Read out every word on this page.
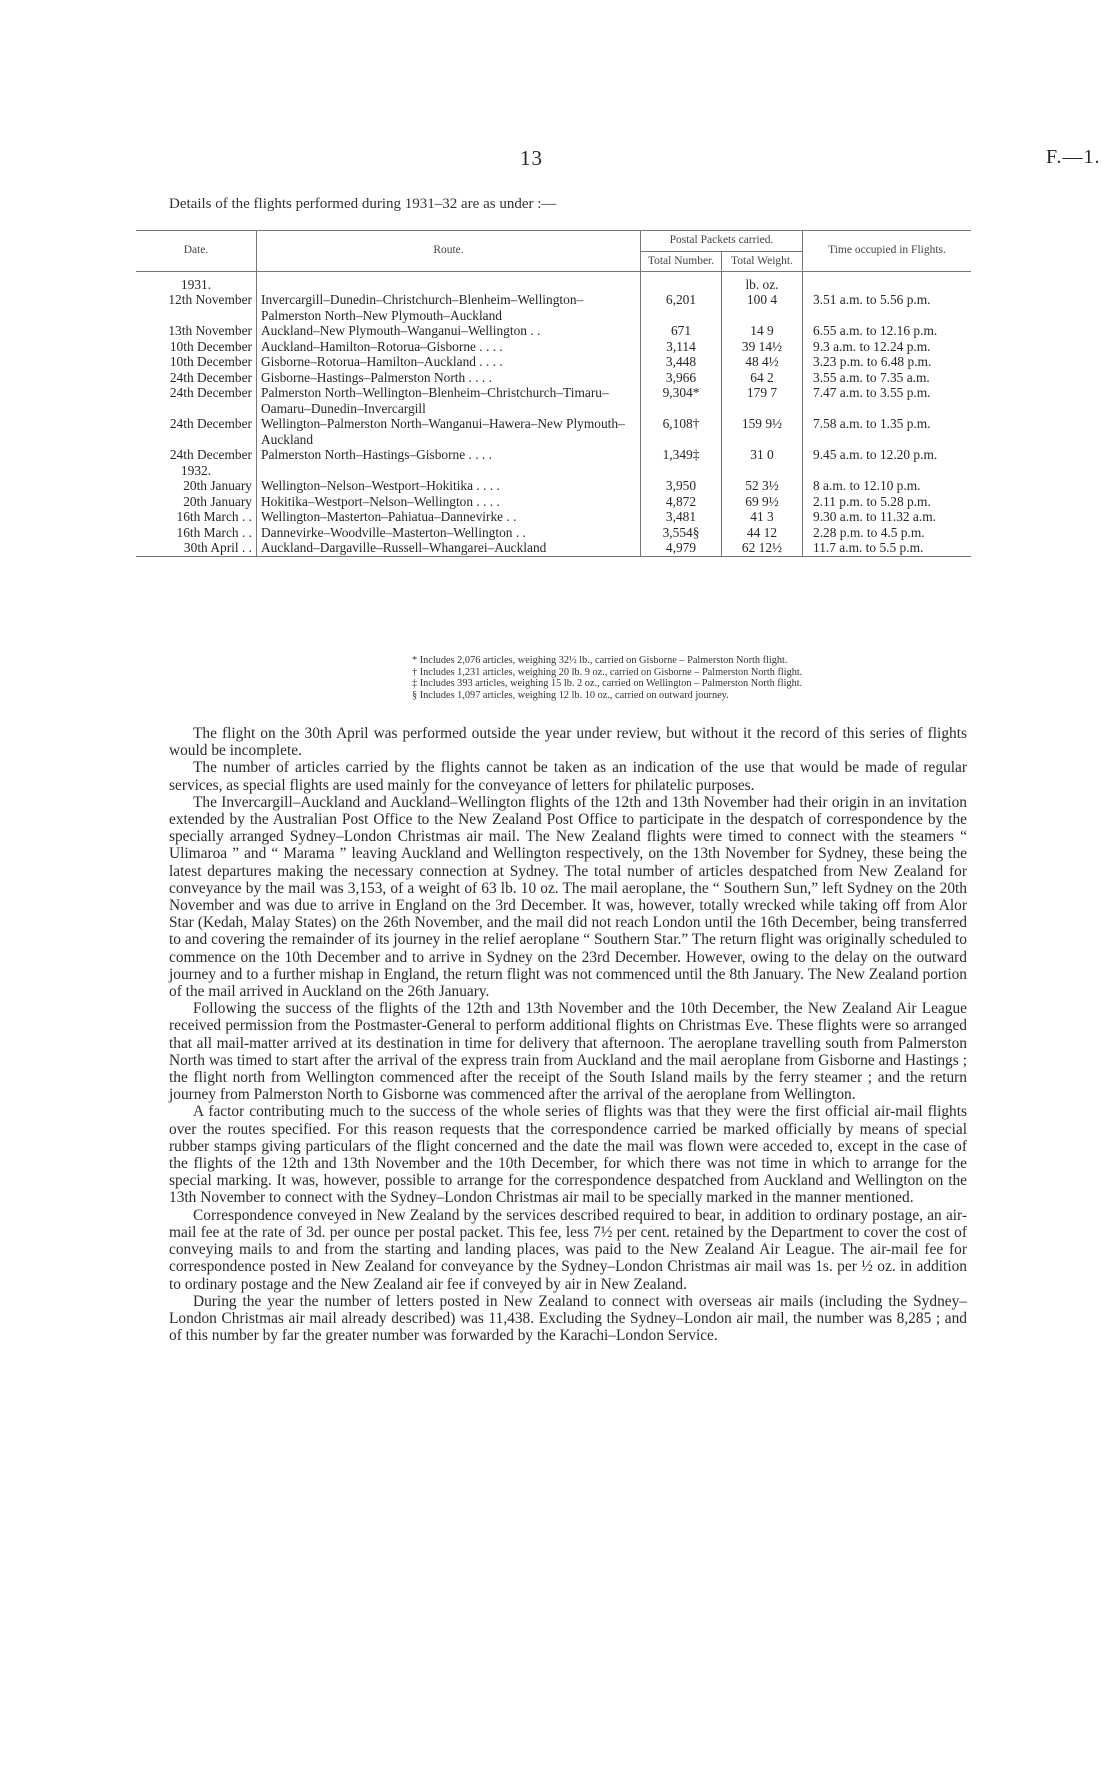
13	F.—1.
Details of the flights performed during 1931–32 are as under :—
Date.	Route.	Postal Packets carried.		Time occupied in Flights.
		Total Number.	Total Weight.	
1931.			lb. oz.	
12th November	Invercargill–Dunedin–Christchurch–Blenheim–Wellington–Palmerston North–New Plymouth–Auckland	6,201	100 4	3.51 a.m. to 5.56 p.m.
13th November	Auckland–New Plymouth–Wanganui–Wellington . .	671	14 9	6.55 a.m. to 12.16 p.m.
10th December	Auckland–Hamilton–Rotorua–Gisborne . . . .	3,114	39 14½	9.3 a.m. to 12.24 p.m.
10th December	Gisborne–Rotorua–Hamilton–Auckland . . . .	3,448	48 4½	3.23 p.m. to 6.48 p.m.
24th December	Gisborne–Hastings–Palmerston North . . . .	3,966	64 2	3.55 a.m. to 7.35 a.m.
24th December	Palmerston North–Wellington–Blenheim–Christchurch–Timaru–Oamaru–Dunedin–Invercargill	9,304*	179 7	7.47 a.m. to 3.55 p.m.
24th December	Wellington–Palmerston North–Wanganui–Hawera–New Plymouth–Auckland	6,108†	159 9½	7.58 a.m. to 1.35 p.m.
24th December	Palmerston North–Hastings–Gisborne . . . .	1,349‡	31 0	9.45 a.m. to 12.20 p.m.
1932.				
20th January	Wellington–Nelson–Westport–Hokitika . . . .	3,950	52 3½	8 a.m. to 12.10 p.m.
20th January	Hokitika–Westport–Nelson–Wellington . . . .	4,872	69 9½	2.11 p.m. to 5.28 p.m.
16th March . .	Wellington–Masterton–Pahiatua–Dannevirke . .	3,481	41 3	9.30 a.m. to 11.32 a.m.
16th March . .	Dannevirke–Woodville–Masterton–Wellington . .	3,554§	44 12	2.28 p.m. to 4.5 p.m.
30th April . .	Auckland–Dargaville–Russell–Whangarei–Auckland	4,979	62 12½	11.7 a.m. to 5.5 p.m.
* Includes 2,076 articles, weighing 32½ lb., carried on Gisborne – Palmerston North flight.
† Includes 1,231 articles, weighing 20 lb. 9 oz., carried on Gisborne – Palmerston North flight.
‡ Includes 393 articles, weighing 15 lb. 2 oz., carried on Wellington – Palmerston North flight.
§ Includes 1,097 articles, weighing 12 lb. 10 oz., carried on outward journey.

The flight on the 30th April was performed outside the year under review, but without it the record of this series of flights would be incomplete.

The number of articles carried by the flights cannot be taken as an indication of the use that would be made of regular services, as special flights are used mainly for the conveyance of letters for philatelic purposes.

The Invercargill–Auckland and Auckland–Wellington flights of the 12th and 13th November had their origin in an invitation extended by the Australian Post Office to the New Zealand Post Office to participate in the despatch of correspondence by the specially arranged Sydney–London Christmas air mail. The New Zealand flights were timed to connect with the steamers “ Ulimaroa ” and “ Marama ” leaving Auckland and Wellington respectively, on the 13th November for Sydney, these being the latest departures making the necessary connection at Sydney. The total number of articles despatched from New Zealand for conveyance by the mail was 3,153, of a weight of 63 lb. 10 oz. The mail aeroplane, the “ Southern Sun,” left Sydney on the 20th November and was due to arrive in England on the 3rd December. It was, however, totally wrecked while taking off from Alor Star (Kedah, Malay States) on the 26th November, and the mail did not reach London until the 16th December, being transferred to and covering the remainder of its journey in the relief aeroplane “ Southern Star.” The return flight was originally scheduled to commence on the 10th December and to arrive in Sydney on the 23rd December. However, owing to the delay on the outward journey and to a further mishap in England, the return flight was not commenced until the 8th January. The New Zealand portion of the mail arrived in Auckland on the 26th January.

Following the success of the flights of the 12th and 13th November and the 10th December, the New Zealand Air League received permission from the Postmaster-General to perform additional flights on Christmas Eve. These flights were so arranged that all mail-matter arrived at its destination in time for delivery that afternoon. The aeroplane travelling south from Palmerston North was timed to start after the arrival of the express train from Auckland and the mail aeroplane from Gisborne and Hastings ; the flight north from Wellington commenced after the receipt of the South Island mails by the ferry steamer ; and the return journey from Palmerston North to Gisborne was commenced after the arrival of the aeroplane from Wellington.

A factor contributing much to the success of the whole series of flights was that they were the first official air-mail flights over the routes specified. For this reason requests that the correspondence carried be marked officially by means of special rubber stamps giving particulars of the flight concerned and the date the mail was flown were acceded to, except in the case of the flights of the 12th and 13th November and the 10th December, for which there was not time in which to arrange for the special marking. It was, however, possible to arrange for the correspondence despatched from Auckland and Wellington on the 13th November to connect with the Sydney–London Christmas air mail to be specially marked in the manner mentioned.

Correspondence conveyed in New Zealand by the services described required to bear, in addition to ordinary postage, an air-mail fee at the rate of 3d. per ounce per postal packet. This fee, less 7½ per cent. retained by the Department to cover the cost of conveying mails to and from the starting and landing places, was paid to the New Zealand Air League. The air-mail fee for correspondence posted in New Zealand for conveyance by the Sydney–London Christmas air mail was 1s. per ½ oz. in addition to ordinary postage and the New Zealand air fee if conveyed by air in New Zealand.

During the year the number of letters posted in New Zealand to connect with overseas air mails (including the Sydney–London Christmas air mail already described) was 11,438. Excluding the Sydney–London air mail, the number was 8,285 ; and of this number by far the greater number was forwarded by the Karachi–London Service.
